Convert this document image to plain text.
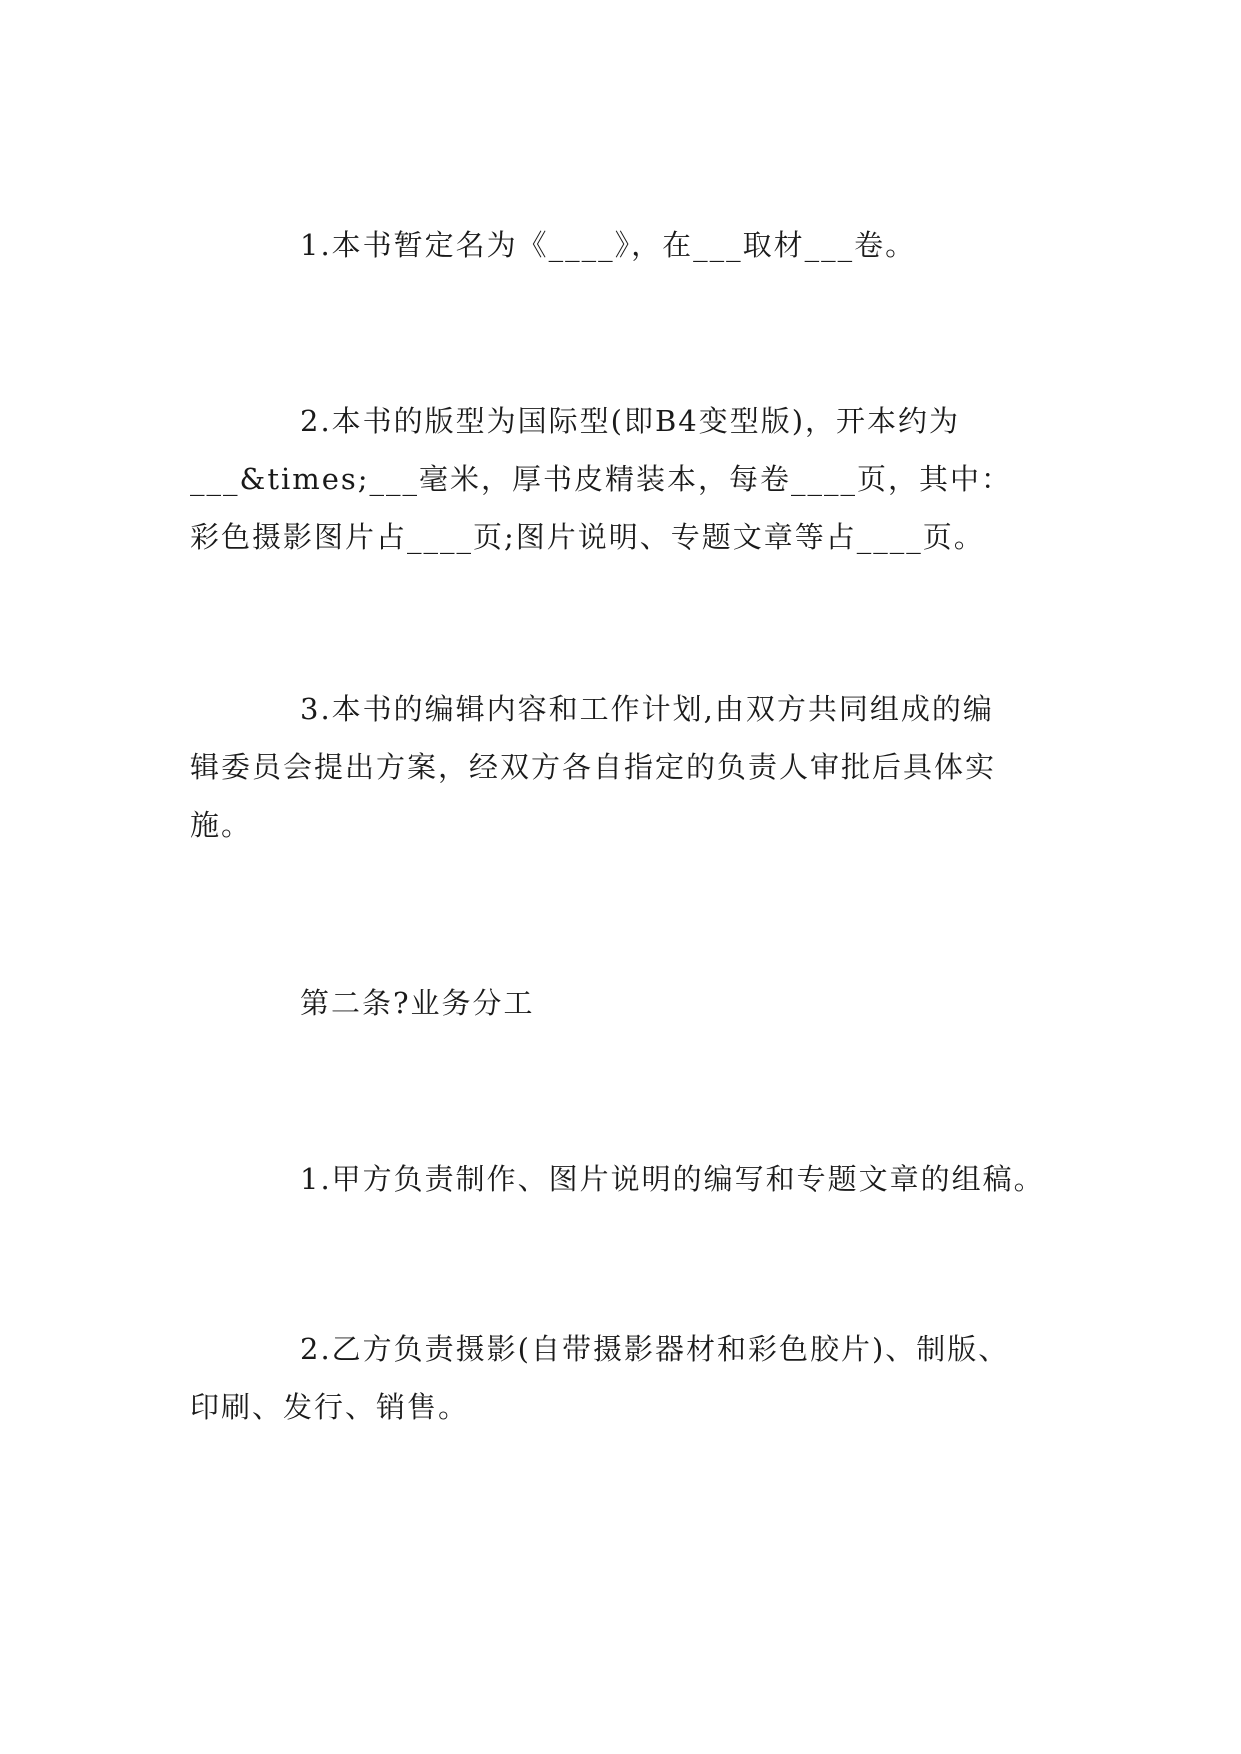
1.本书暂定名为《____》，在___取材___卷。
2.本书的版型为国际型(即B4变型版)，开本约为
___&times;___毫米，厚书皮精装本，每卷____页，其中：
彩色摄影图片占____页;图片说明、专题文章等占____页。
3.本书的编辑内容和工作计划,由双方共同组成的编
辑委员会提出方案，经双方各自指定的负责人审批后具体实
施。
第二条?业务分工
1.甲方负责制作、图片说明的编写和专题文章的组稿。
2.乙方负责摄影(自带摄影器材和彩色胶片)、制版、
印刷、发行、销售。
